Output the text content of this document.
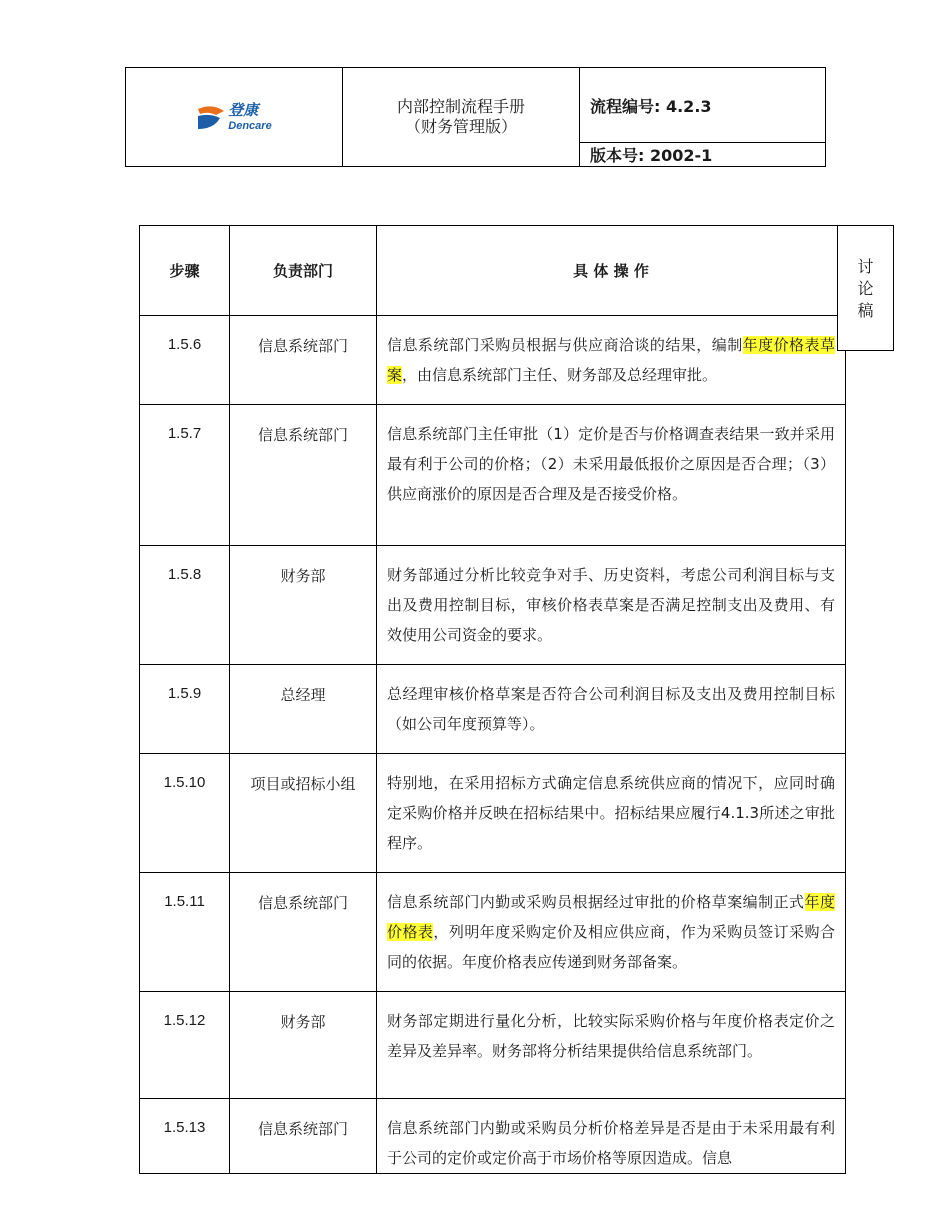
登康
Dencare

内部控制流程手册
（财务管理版）
	流程编号: 4.2.3
版本号: 2002-1
步骤	负责部门	具 体 操 作
1.5.6	信息系统部门	信息系统部门采购员根据与供应商洽谈的结果，编制年度价格表草案，由信息系统部门主任、财务部及总经理审批。
1.5.7	信息系统部门	信息系统部门主任审批（1）定价是否与价格调查表结果一致并采用最有利于公司的价格；（2）未采用最低报价之原因是否合理；（3）供应商涨价的原因是否合理及是否接受价格。
1.5.8	财务部	财务部通过分析比较竞争对手、历史资料，考虑公司利润目标与支出及费用控制目标，审核价格表草案是否满足控制支出及费用、有效使用公司资金的要求。
1.5.9	总经理	总经理审核价格草案是否符合公司利润目标及支出及费用控制目标（如公司年度预算等）。
1.5.10	项目或招标小组	特别地，在采用招标方式确定信息系统供应商的情况下，应同时确定采购价格并反映在招标结果中。招标结果应履行4.1.3所述之审批程序。
1.5.11	信息系统部门	信息系统部门内勤或采购员根据经过审批的价格草案编制正式年度价格表，列明年度采购定价及相应供应商，作为采购员签订采购合同的依据。年度价格表应传递到财务部备案。
1.5.12	财务部	财务部定期进行量化分析，比较实际采购价格与年度价格表定价之差异及差异率。财务部将分析结果提供给信息系统部门。
1.5.13	信息系统部门	信息系统部门内勤或采购员分析价格差异是否是由于未采用最有利于公司的定价或定价高于市场价格等原因造成。信息
讨
论
稿
